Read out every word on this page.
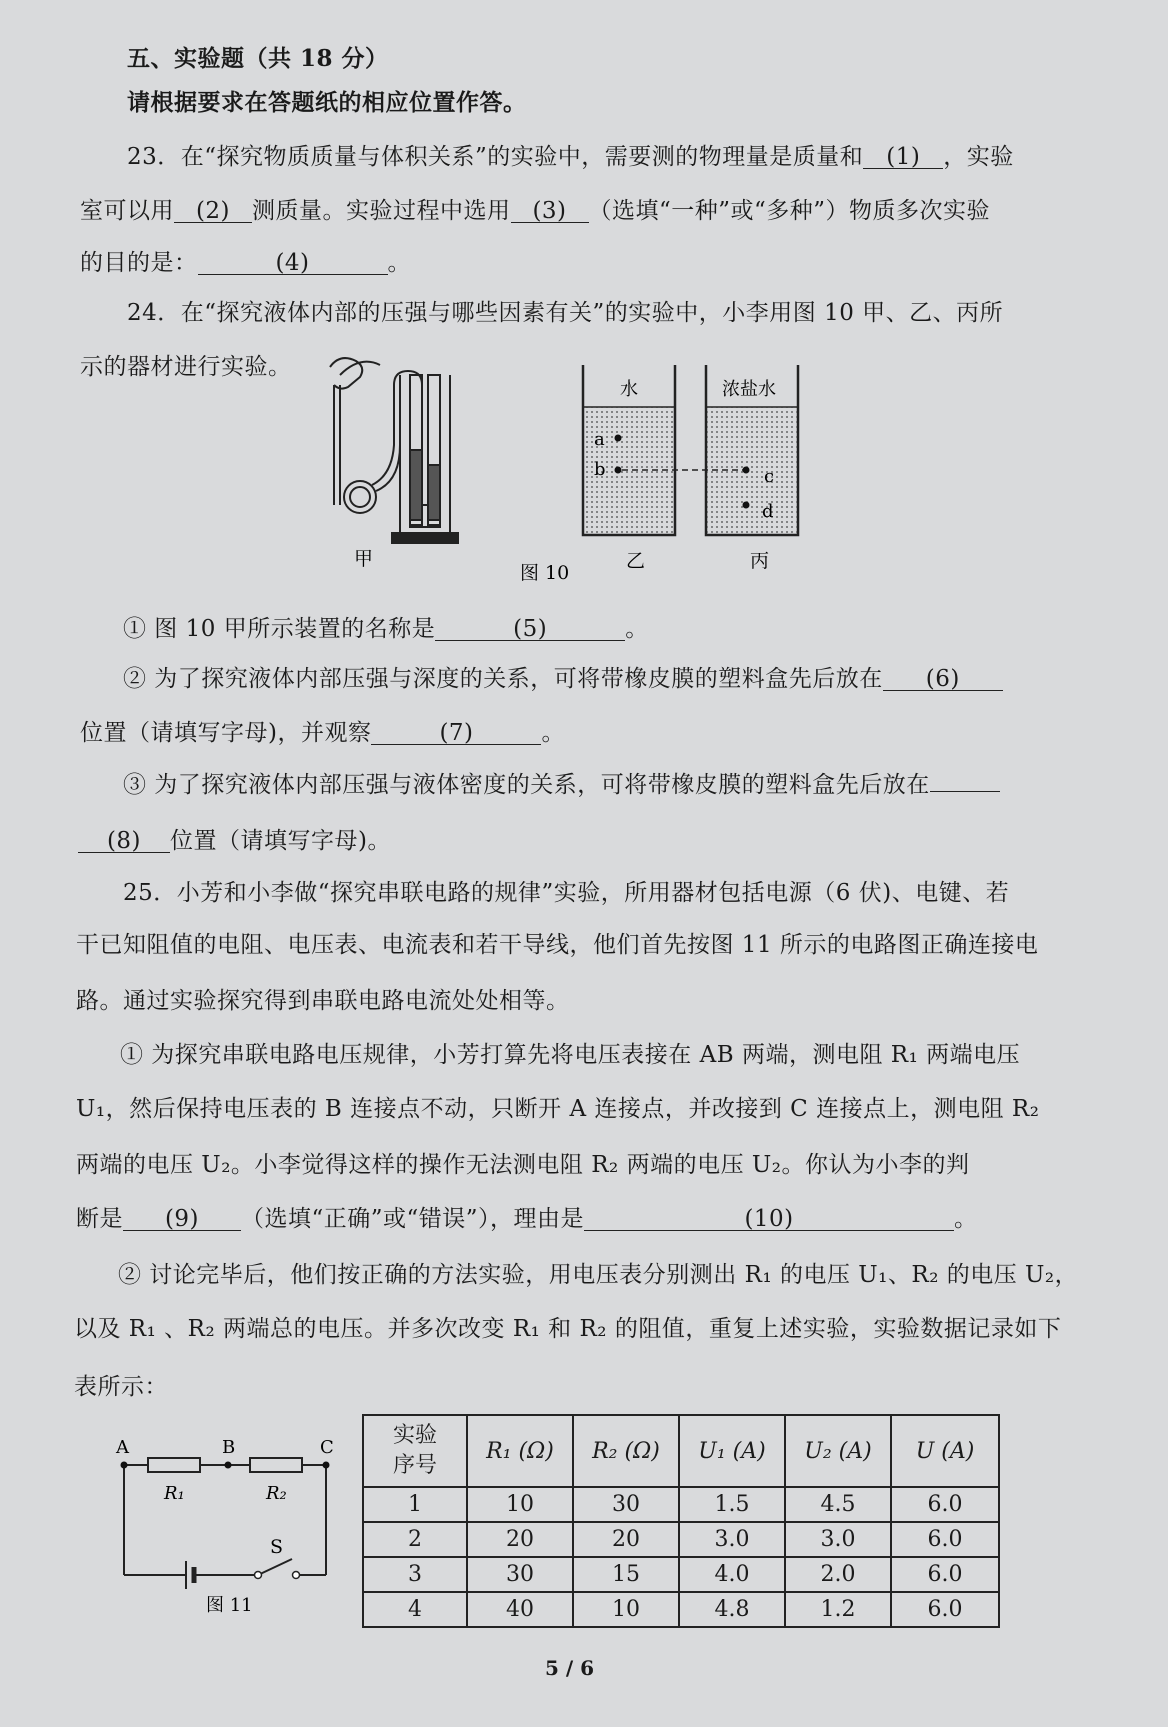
五、实验题（共 18 分）
请根据要求在答题纸的相应位置作答。
23．在“探究物质质量与体积关系”的实验中，需要测的物理量是质量和 (1) ，实验
室可以用 (2) 测质量。实验过程中选用 (3) （选填“一种”或“多种”）物质多次实验
的目的是：	(4)	。
24．在“探究液体内部的压强与哪些因素有关”的实验中，小李用图 10 甲、乙、丙所
示的器材进行实验。
甲
水
a
b
乙
浓盐水
c
d
丙
图 10
① 图 10 甲所示装置的名称是	(5)	。
② 为了探究液体内部压强与深度的关系，可将带橡皮膜的塑料盒先后放在 (6)
位置（请填写字母)，并观察	(7)	。
③ 为了探究液体内部压强与液体密度的关系，可将带橡皮膜的塑料盒先后放在
(8) 位置（请填写字母)。
25．小芳和小李做“探究串联电路的规律”实验，所用器材包括电源（6 伏)、电键、若
干已知阻值的电阻、电压表、电流表和若干导线，他们首先按图 11 所示的电路图正确连接电
路。通过实验探究得到串联电路电流处处相等。
① 为探究串联电路电压规律，小芳打算先将电压表接在 AB 两端，测电阻 R₁ 两端电压
U₁，然后保持电压表的 B 连接点不动，只断开 A 连接点，并改接到 C 连接点上，测电阻 R₂
两端的电压 U₂。小李觉得这样的操作无法测电阻 R₂ 两端的电压 U₂。你认为小李的判
断是 (9) （选填“正确”或“错误”），理由是	(10)	。
② 讨论完毕后，他们按正确的方法实验，用电压表分别测出 R₁ 的电压 U₁、R₂ 的电压 U₂，
以及 R₁ 、R₂ 两端总的电压。并多次改变 R₁ 和 R₂ 的阻值，重复上述实验，实验数据记录如下
表所示：
A	B	C
R₁	R₂
S
图 11
实验
序号	R₁ (Ω)	R₂ (Ω)	U₁ (A)	U₂ (A)	U (A)
1	10	30	1.5	4.5	6.0
2	20	20	3.0	3.0	6.0
3	30	15	4.0	2.0	6.0
4	40	10	4.8	1.2	6.0
5 / 6
